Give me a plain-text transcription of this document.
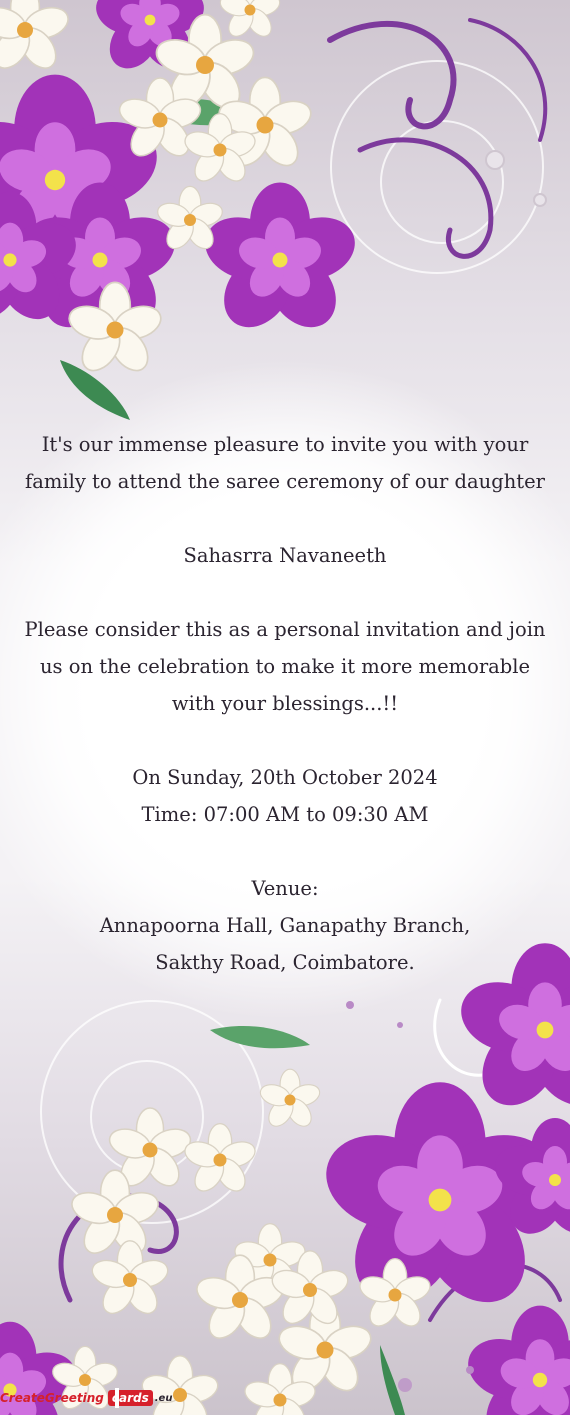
It's our immense pleasure to invite you with your

family to attend the saree ceremony of our daughter

Sahasrra Navaneeth

Please consider this as a personal invitation and join

us on the celebration to make it more memorable

with your blessings...!!

On Sunday, 20th October 2024

Time: 07:00 AM to 09:30 AM

Venue:

Annapoorna Hall, Ganapathy Branch,

Sakthy Road, Coimbatore.

CreateGreeting cards .eu
